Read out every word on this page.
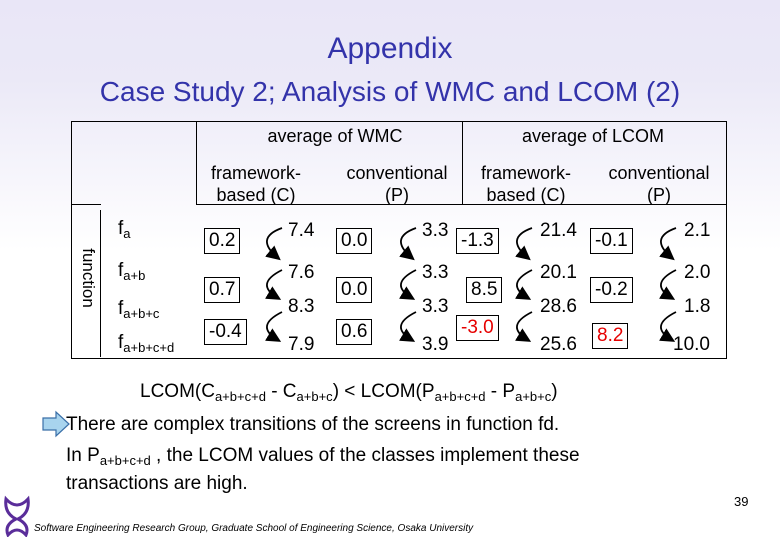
Appendix
Case Study 2; Analysis of WMC and LCOM (2)
average of WMC	average of LCOM
framework-
based (C)
conventional
(P)
framework-
based (C)
conventional
(P)
function
$f_a$
$f_{a+b}$
$f_{a+b+c}$
$f_{a+b+c+d}$
7.4
7.6
8.3
7.9
0.2
0.7
-0.4
3.3
3.3
3.3
3.9
0.0
0.0
0.6
21.4
20.1
28.6
25.6
-1.3
8.5
-3.0
2.1
2.0
1.8
10.0
-0.1
-0.2
8.2
$LCOM(C_{a+b+c+d} - C_{a+b+c})$ < $LCOM(P_{a+b+c+d} - P_{a+b+c})$
There are complex transitions of the screens in function fd.
In $P_{a+b+c+d}$ , the LCOM values of the classes implement these
transactions are high.
39
Software Engineering Research Group, Graduate School of Engineering Science, Osaka University
